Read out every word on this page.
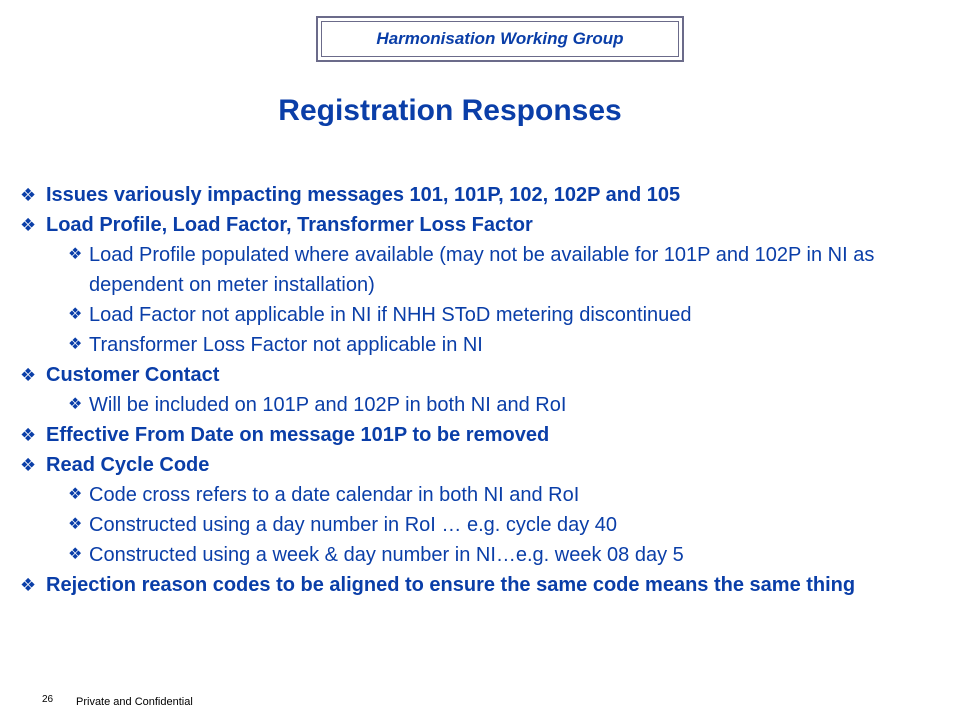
Harmonisation Working Group
Registration Responses
❖ Issues variously impacting messages 101, 101P, 102, 102P and 105
❖ Load Profile, Load Factor, Transformer Loss Factor
❖ Load Profile populated where available (may not be available for 101P and 102P in NI as dependent on meter installation)
❖ Load Factor not applicable in NI if NHH SToD metering discontinued
❖ Transformer Loss Factor not applicable in NI
❖ Customer Contact
❖ Will be included on 101P and 102P in both NI and RoI
❖ Effective From Date on message 101P to be removed
❖ Read Cycle Code
❖ Code cross refers to a date calendar in both NI and RoI
❖ Constructed using a day number in RoI … e.g. cycle day 40
❖ Constructed using a week & day number in NI…e.g. week 08 day 5
❖ Rejection reason codes to be aligned to ensure the same code means the same thing
26 Private and Confidential
